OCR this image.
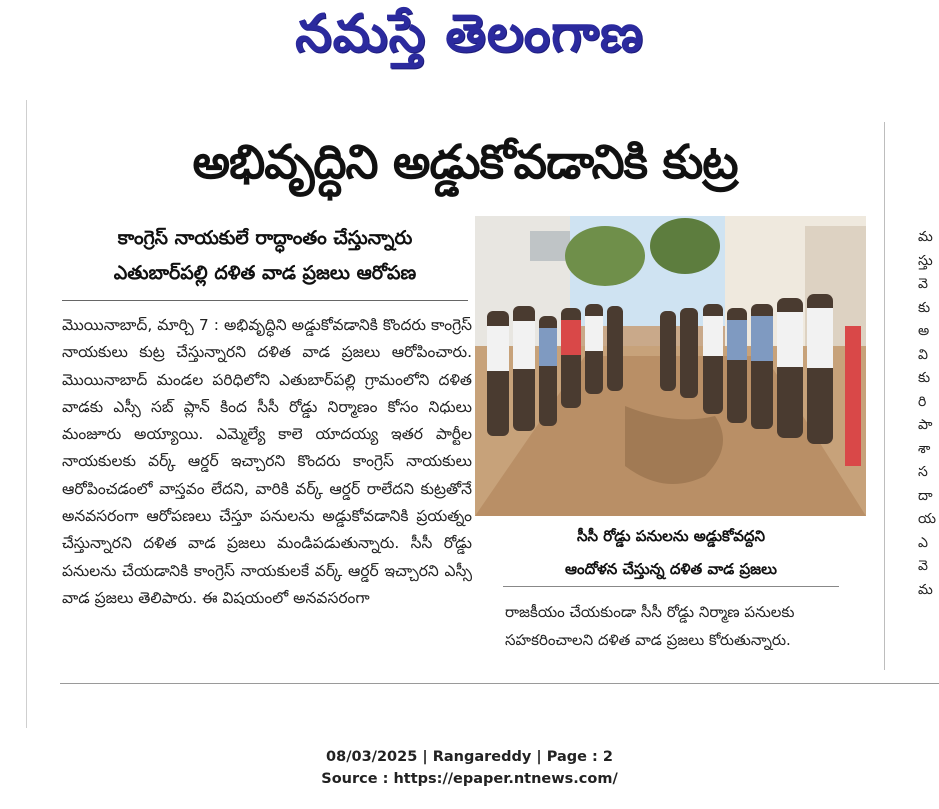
నమస్తే తెలంగాణ
అభివృద్ధిని అడ్డుకోవడానికి కుట్ర
కాంగ్రెస్ నాయకులే రాద్ధాంతం చేస్తున్నారు
ఎతుబార్‌పల్లి దళిత వాడ ప్రజలు ఆరోపణ
మొయినాబాద్, మార్చి 7 : అభివృద్ధిని అడ్డుకోవడానికి కొందరు కాంగ్రెస్ నాయకులు కుట్ర చేస్తున్నారని దళిత వాడ ప్రజలు ఆరోపించారు. మొయినాబాద్ మండల పరిధిలోని ఎతుబార్‌పల్లి గ్రామంలోని దళిత వాడకు ఎస్సీ సబ్ ప్లాన్ కింద సీసీ రోడ్డు నిర్మాణం కోసం నిధులు మంజూరు అయ్యాయి. ఎమ్మెల్యే కాలె యాదయ్య ఇతర పార్టీల నాయకులకు వర్క్ ఆర్డర్ ఇచ్చారని కొందరు కాంగ్రెస్ నాయకులు ఆరోపించడంలో వాస్తవం లేదని, వారికి వర్క్ ఆర్డర్ రాలేదని కుట్రతోనే అనవసరంగా ఆరోపణలు చేస్తూ పనులను అడ్డుకోవడానికి ప్రయత్నం చేస్తున్నారని దళిత వాడ ప్రజలు మండిపడుతున్నారు. సీసీ రోడ్డు పనులను చేయడానికి కాంగ్రెస్ నాయకులకే వర్క్ ఆర్డర్ ఇచ్చారని ఎస్సీ వాడ ప్రజలు తెలిపారు. ఈ విషయంలో అనవసరంగా
సీసీ రోడ్డు పనులను అడ్డుకోవద్దని
ఆందోళన చేస్తున్న దళిత వాడ ప్రజలు
రాజకీయం చేయకుండా సీసీ రోడ్డు నిర్మాణ పనులకు సహకరించాలని దళిత వాడ ప్రజలు కోరుతున్నారు.
మ
స్తు
వె
కు
అ
వి
కు
రి
పా
శా
స
దా
య
ఎ
వె
మ
08/03/2025 | Rangareddy | Page : 2
Source : https://epaper.ntnews.com/
